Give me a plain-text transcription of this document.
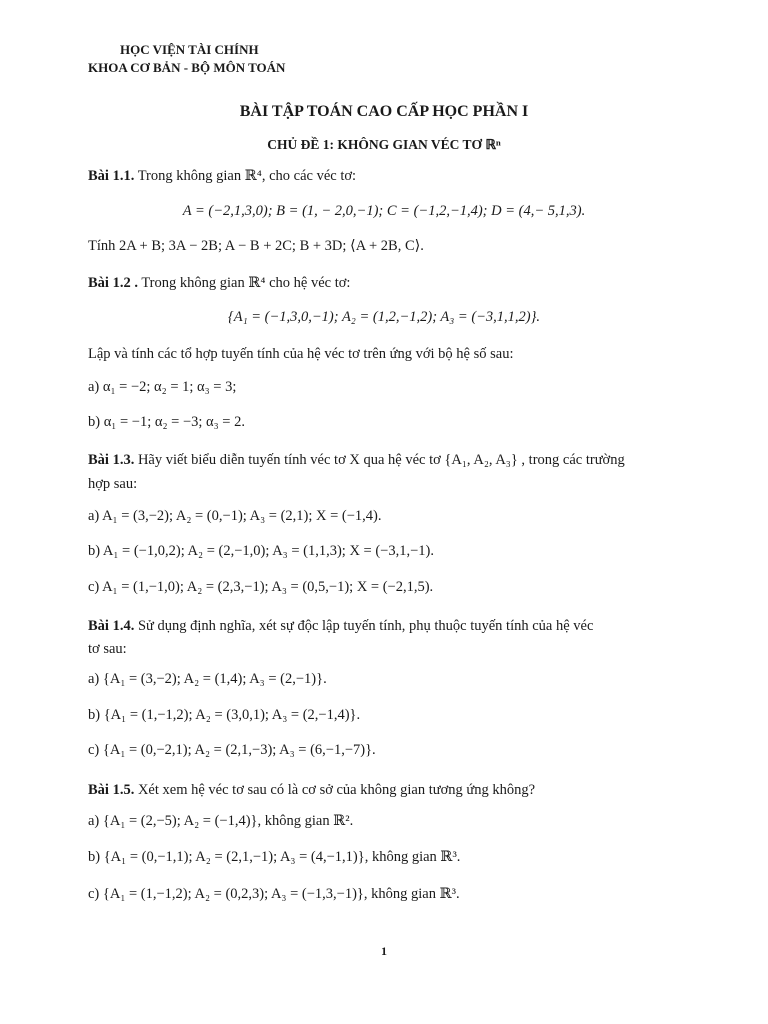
HỌC VIỆN TÀI CHÍNH
KHOA CƠ BẢN - BỘ MÔN TOÁN
BÀI TẬP TOÁN CAO CẤP HỌC PHẦN I
CHỦ ĐỀ 1: KHÔNG GIAN VÉC TƠ ℝⁿ
Bài 1.1. Trong không gian ℝ⁴, cho các véc tơ:
A = (−2,1,3,0); B = (1, − 2,0,−1); C = (−1,2,−1,4); D = (4,− 5,1,3).
Tính 2A + B; 3A − 2B; A − B + 2C; B + 3D; ⟨A + 2B, C⟩.
Bài 1.2 . Trong không gian ℝ⁴ cho hệ véc tơ:
{A₁ = (−1,3,0,−1); A₂ = (1,2,−1,2); A₃ = (−3,1,1,2)}.
Lập và tính các tổ hợp tuyến tính của hệ véc tơ trên ứng với bộ hệ số sau:
a) α₁ = −2; α₂ = 1; α₃ = 3;
b) α₁ = −1; α₂ = −3; α₃ = 2.
Bài 1.3. Hãy viết biểu diễn tuyến tính véc tơ X qua hệ véc tơ {A₁, A₂, A₃} , trong các trường
hợp sau:
a) A₁ = (3,−2); A₂ = (0,−1); A₃ = (2,1); X = (−1,4).
b) A₁ = (−1,0,2); A₂ = (2,−1,0); A₃ = (1,1,3); X = (−3,1,−1).
c) A₁ = (1,−1,0); A₂ = (2,3,−1); A₃ = (0,5,−1); X = (−2,1,5).
Bài 1.4. Sử dụng định nghĩa, xét sự độc lập tuyến tính, phụ thuộc tuyến tính của hệ véc
tơ sau:
a) {A₁ = (3,−2); A₂ = (1,4); A₃ = (2,−1)}.
b) {A₁ = (1,−1,2); A₂ = (3,0,1); A₃ = (2,−1,4)}.
c) {A₁ = (0,−2,1); A₂ = (2,1,−3); A₃ = (6,−1,−7)}.
Bài 1.5. Xét xem hệ véc tơ sau có là cơ sở của không gian tương ứng không?
a) {A₁ = (2,−5); A₂ = (−1,4)}, không gian ℝ².
b) {A₁ = (0,−1,1); A₂ = (2,1,−1); A₃ = (4,−1,1)}, không gian ℝ³.
c) {A₁ = (1,−1,2); A₂ = (0,2,3); A₃ = (−1,3,−1)}, không gian ℝ³.
1
